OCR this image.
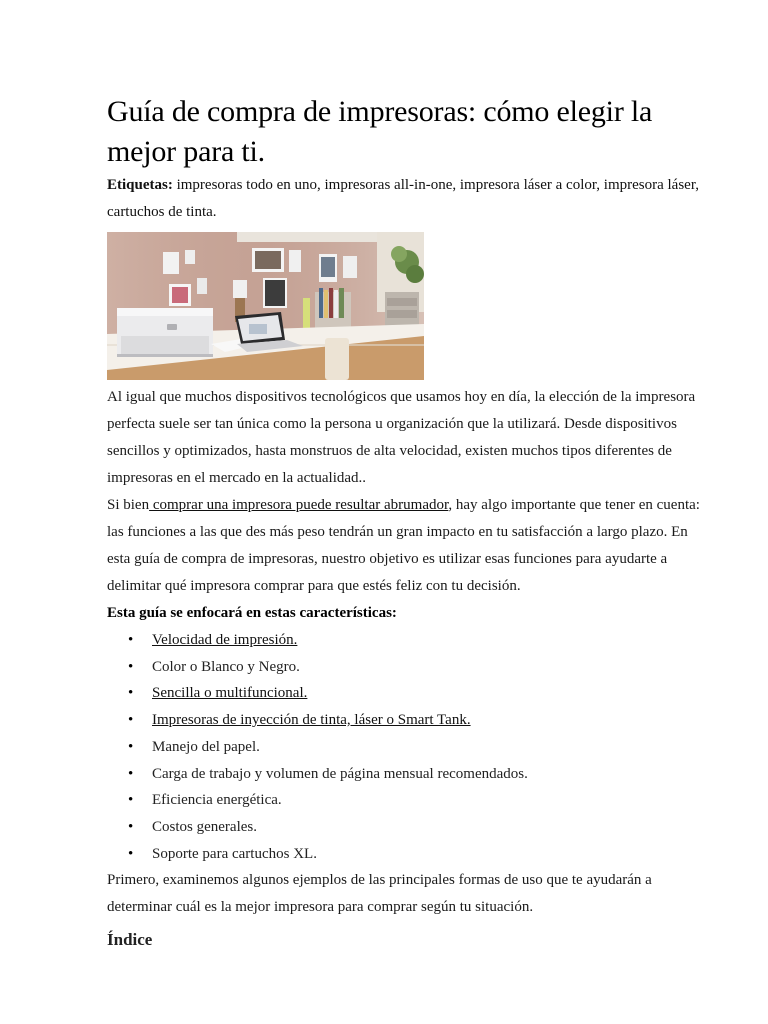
Guía de compra de impresoras: cómo elegir la mejor para ti.
Etiquetas: impresoras todo en uno, impresoras all-in-one, impresora láser a color, impresora láser, cartuchos de tinta.

Al igual que muchos dispositivos tecnológicos que usamos hoy en día, la elección de la impresora perfecta suele ser tan única como la persona u organización que la utilizará. Desde dispositivos sencillos y optimizados, hasta monstruos de alta velocidad, existen muchos tipos diferentes de impresoras en el mercado en la actualidad..

Si bien comprar una impresora puede resultar abrumador, hay algo importante que tener en cuenta: las funciones a las que des más peso tendrán un gran impacto en tu satisfacción a largo plazo. En esta guía de compra de impresoras, nuestro objetivo es utilizar esas funciones para ayudarte a delimitar qué impresora comprar para que estés feliz con tu decisión.

Esta guía se enfocará en estas características:

• Velocidad de impresión.
• Color o Blanco y Negro.
• Sencilla o multifuncional.
• Impresoras de inyección de tinta, láser o Smart Tank.
• Manejo del papel.
• Carga de trabajo y volumen de página mensual recomendados.
• Eficiencia energética.
• Costos generales.
• Soporte para cartuchos XL.

Primero, examinemos algunos ejemplos de las principales formas de uso que te ayudarán a determinar cuál es la mejor impresora para comprar según tu situación.

Índice
